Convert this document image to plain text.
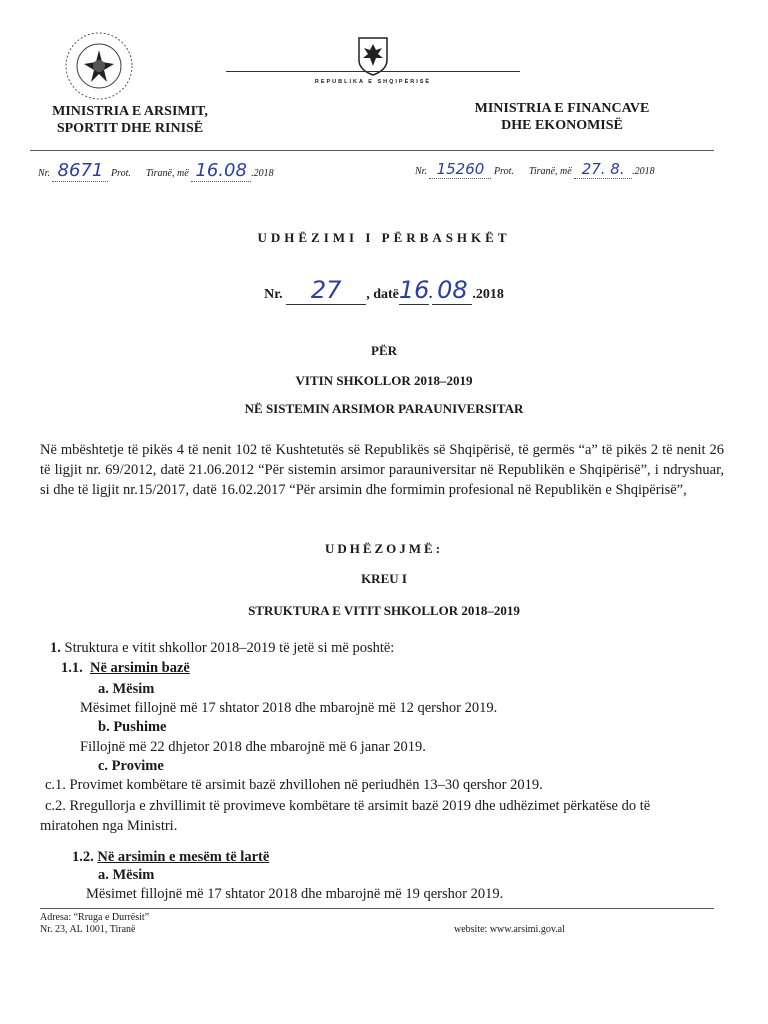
REPUBLIKA E SHQIPËRISË
MINISTRIA E ARSIMIT,
SPORTIT DHE RINISË
MINISTRIA E FINANCAVE
DHE EKONOMISË
Nr. 8671 Prot. Tiranë, më 16.08 .2018	Nr. 15260 Prot. Tiranë, më 27. 8. .2018
UDHËZIMI I PËRBASHKËT
Nr. 27 , datë16. 08 .2018
PËR
VITIN SHKOLLOR 2018–2019
NË SISTEMIN ARSIMOR PARAUNIVERSITAR
Në mbështetje të pikës 4 të nenit 102 të Kushtetutës së Republikës së Shqipërisë, të germës “a” të pikës 2 të nenit 26 të ligjit nr. 69/2012, datë 21.06.2012 “Për sistemin arsimor parauniversitar në Republikën e Shqipërisë”, i ndryshuar, si dhe të ligjit nr.15/2017, datë 16.02.2017 “Për arsimin dhe formimin profesional në Republikën e Shqipërisë”,
UDHËZOJMË:
KREU I
STRUKTURA E VITIT SHKOLLOR 2018–2019
1. Struktura e vitit shkollor 2018–2019 të jetë si më poshtë:
1.1. Në arsimin bazë
a. Mësim
Mësimet fillojnë më 17 shtator 2018 dhe mbarojnë më 12 qershor 2019.
b. Pushime
Fillojnë më 22 dhjetor 2018 dhe mbarojnë më 6 janar 2019.
c. Provime
c.1. Provimet kombëtare të arsimit bazë zhvillohen në periudhën 13–30 qershor 2019.
c.2. Rregullorja e zhvillimit të provimeve kombëtare të arsimit bazë 2019 dhe udhëzimet përkatëse do të
miratohen nga Ministri.
1.2. Në arsimin e mesëm të lartë
a. Mësim
Mësimet fillojnë më 17 shtator 2018 dhe mbarojnë më 19 qershor 2019.
Adresa: “Rruga e Durrësit”
Nr. 23, AL 1001, Tiranë	website: www.arsimi.gov.al
